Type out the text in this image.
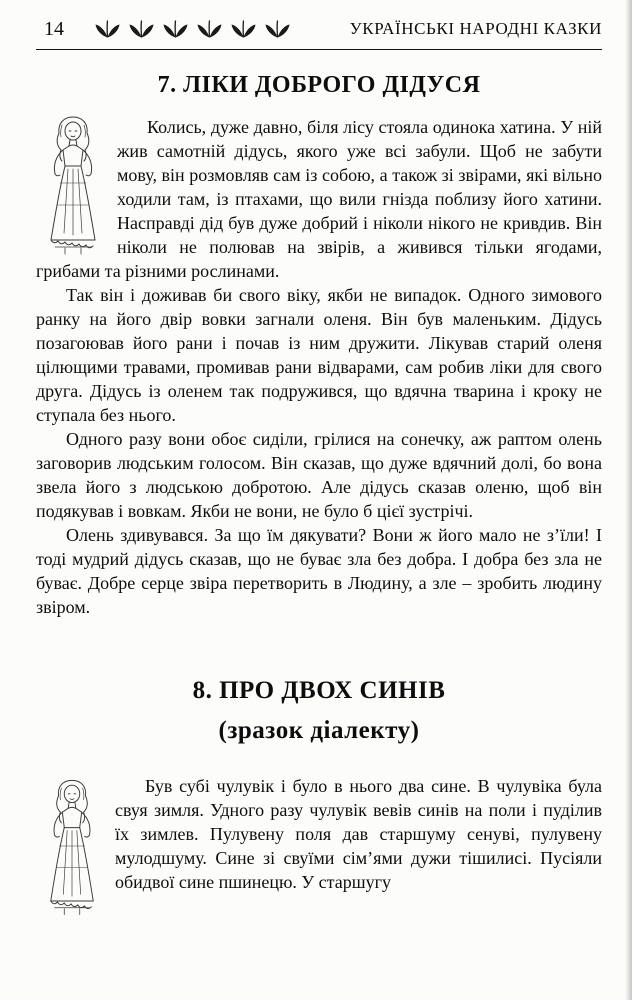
14	УКРАЇНСЬКІ НАРОДНІ КАЗКИ
7. ЛІКИ ДОБРОГО ДІДУСЯ

Колись, дуже давно, біля лісу стояла одинока хатина. У ній жив самотній дідусь, якого уже всі забули. Щоб не забути мову, він розмовляв сам із собою, а також зі звірами, які вільно ходили там, із птахами, що вили гнізда поблизу його хатини. Насправді дід був дуже добрий і ніколи нікого не кривдив. Він ніколи не полював на звірів, а живився тільки ягодами, грибами та різними рослинами.

Так він і доживав би свого віку, якби не випадок. Одного зимового ранку на його двір вовки загнали оленя. Він був маленьким. Дідусь позагоював його рани і почав із ним дружити. Лікував старий оленя цілющими травами, промивав рани відварами, сам робив ліки для свого друга. Дідусь із оленем так подружився, що вдячна тварина і кроку не ступала без нього.

Одного разу вони обоє сиділи, грілися на сонечку, аж раптом олень заговорив людським голосом. Він сказав, що дуже вдячний долі, бо вона звела його з людською добротою. Але дідусь сказав оленю, щоб він подякував і вовкам. Якби не вони, не було б цієї зустрічі.

Олень здивувався. За що їм дякувати? Вони ж його мало не з’їли! І тоді мудрий дідусь сказав, що не буває зла без добра. І добра без зла не буває. Добре серце звіра перетворить в Людину, а зле – зробить людину звіром.

8. ПРО ДВОХ СИНІВ
(зразок діалекту)

Був субі чулувік і було в нього два сине. В чулувіка була свуя зимля. Удного разу чулувік вевів синів на поли і пуділив їх зимлев. Пулувену поля дав старшуму сенуві, пулувену мулодшуму. Сине зі свуїми сім’ями дужи тішилисі. Пусіяли обидвої сине пшинецю. У старшугу
